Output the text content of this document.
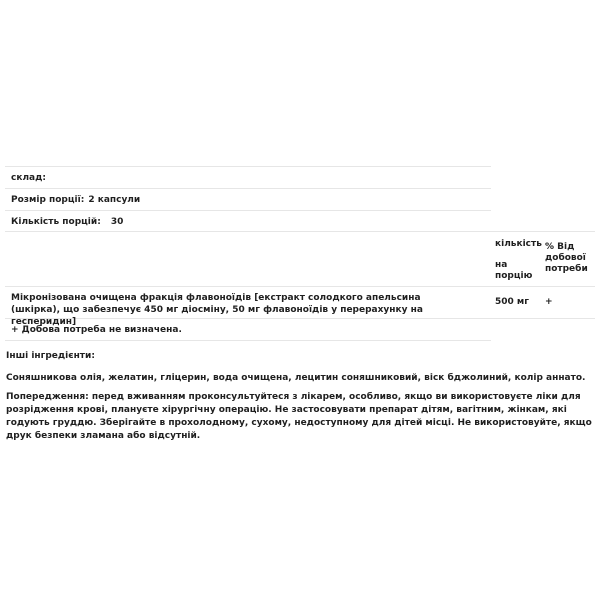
склад:
Розмір порції: 2 капсули
Кількість порцій: 30
кількість
на порцію
% Від добової потреби
Мікронізована очищена фракція флавоноїдів [екстракт солодкого апельсина (шкірка), що забезпечує 450 мг діосміну, 50 мг флавоноїдів у перерахунку на гесперидин]
500 мг +
+ Добова потреба не визначена.
Інші інгредієнти:
Соняшникова олія, желатин, гліцерин, вода очищена, лецитин соняшниковий, віск бджолиний, колір аннато.
Попередження: перед вживанням проконсультуйтеся з лікарем, особливо, якщо ви використовуєте ліки для розрідження крові, плануєте хірургічну операцію. Не застосовувати препарат дітям, вагітним, жінкам, які годують груддю. Зберігайте в прохолодному, сухому, недоступному для дітей місці. Не використовуйте, якщо друк безпеки зламана або відсутній.
